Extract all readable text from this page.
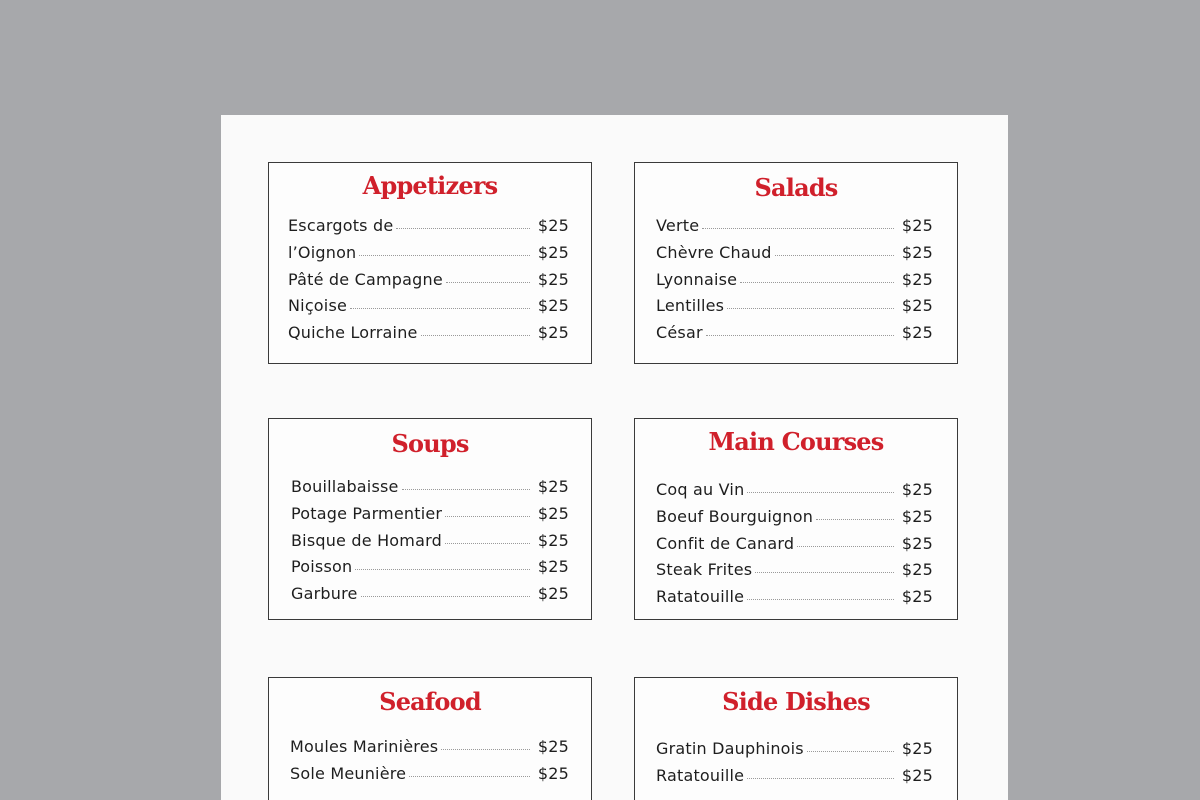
Appetizers
Escargots de	$25
l’Oignon	$25
Pâté de Campagne	$25
Niçoise	$25
Quiche Lorraine	$25
Salads
Verte	$25
Chèvre Chaud	$25
Lyonnaise	$25
Lentilles	$25
César	$25
Soups
Bouillabaisse	$25
Potage Parmentier	$25
Bisque de Homard	$25
Poisson	$25
Garbure	$25
Main Courses
Coq au Vin	$25
Boeuf Bourguignon	$25
Confit de Canard	$25
Steak Frites	$25
Ratatouille	$25
Seafood
Moules Marinières	$25
Sole Meunière	$25
Side Dishes
Gratin Dauphinois	$25
Ratatouille	$25
